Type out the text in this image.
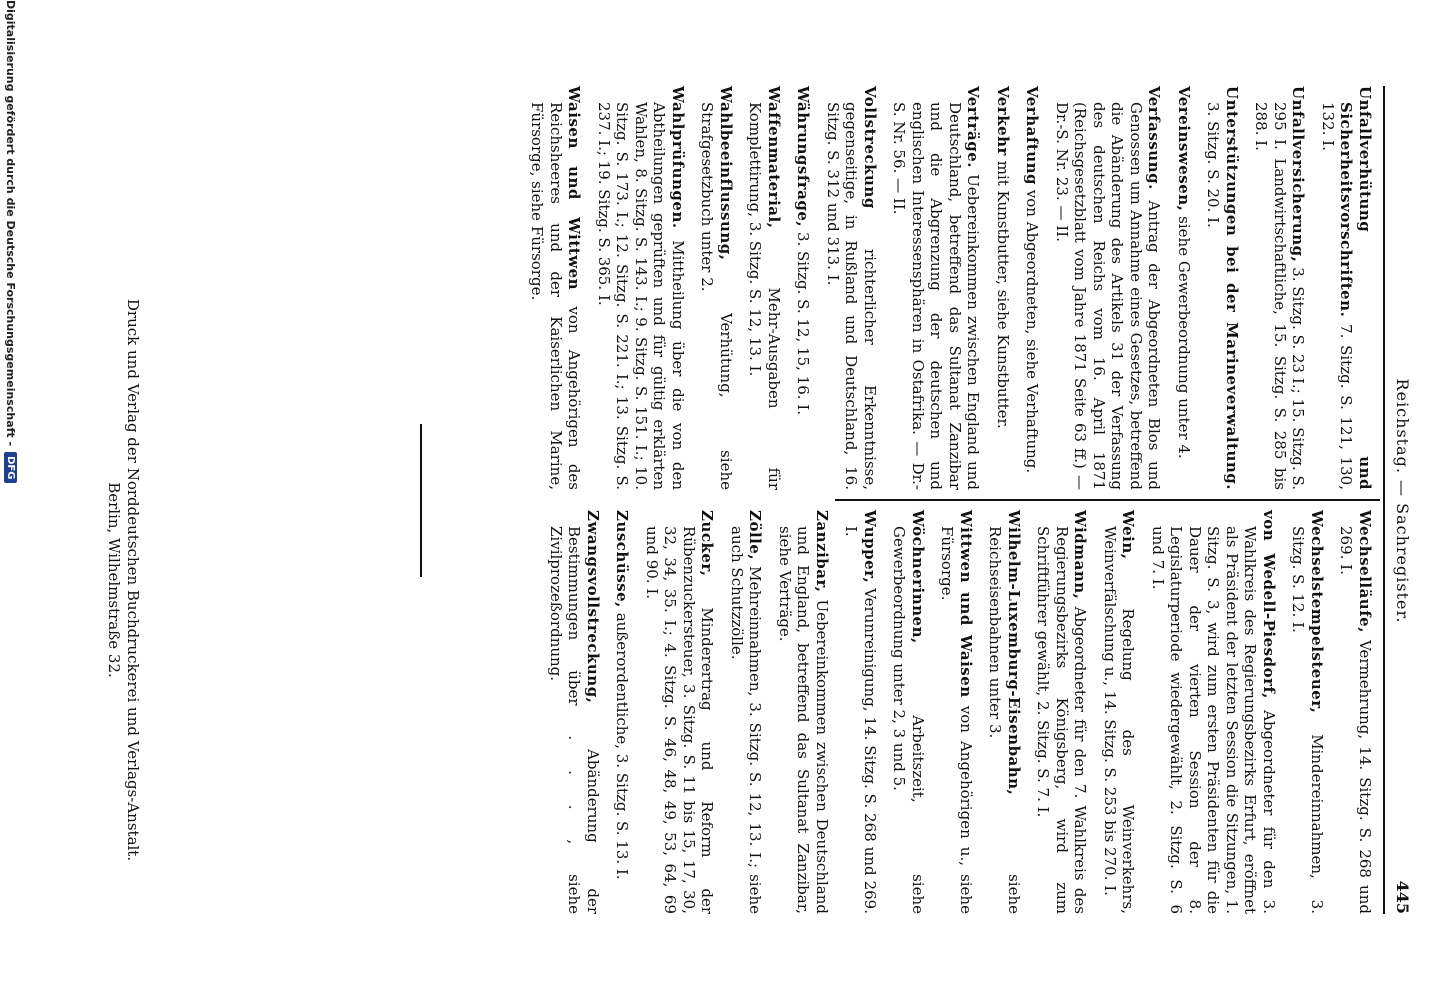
Reichstag. — Sachregister.
445

Unfallverhütung und Sicherheitsvorschriften. 7. Sitzg. S. 121, 130, 132. I.

Unfallversicherung, 3. Sitzg. S. 23 I.; 15. Sitzg. S. 295 I. Landwirtschaftliche, 15. Sitzg. S. 285 bis 288. I.

Unterstützungen bei der Marineverwaltung. 3. Sitzg. S. 20. I.

Vereinswesen, siehe Gewerbeordnung unter 4.

Verfassung. Antrag der Abgeordneten Blos und Genossen um Annahme eines Gesetzes, betreffend die Abänderung des Artikels 31 der Verfassung des deutschen Reichs vom 16. April 1871 (Reichsgesetzblatt vom Jahre 1871 Seite 63 ff.) — Dr.-S. Nr. 23. — II.

Verhaftung von Abgeordneten, siehe Verhaftung.

Verkehr mit Kunstbutter, siehe Kunstbutter.

Verträge. Uebereinkommen zwischen England und Deutschland, betreffend das Sultanat Zanzibar und die Abgrenzung der deutschen und englischen Interessensphären in Ostafrika. — Dr.-S. Nr. 56. — II.

Vollstreckung richterlicher Erkenntnisse, gegenseitige, in Rußland und Deutschland, 16. Sitzg. S. 312 und 313. I.

Währungsfrage, 3. Sitzg. S. 12, 15, 16. I.

Waffenmaterial, Mehr-Ausgaben für Komplettirung, 3. Sitzg. S. 12, 13. I.

Wahlbeeinflussung, Verhütung, siehe Strafgesetzbuch unter 2.

Wahlprüfungen. Mittheilung über die von den Abtheilungen geprüften und für gültig erklärten Wahlen, 8. Sitzg. S. 143. I.; 9. Sitzg. S. 151. I.; 10. Sitzg. S. 173. I.; 12. Sitzg. S. 221. I.; 13. Sitzg. S. 237. I.; 19. Sitzg. S. 365. I.

Waisen und Wittwen von Angehörigen des Reichsheeres und der Kaiserlichen Marine, Fürsorge, siehe Fürsorge.

Wechselläufe, Vermehrung, 14. Sitzg. S. 268 und 269. I.

Wechselstempelsteuer, Mindereinnahmen, 3. Sitzg. S. 12. I.

von Wedell-Piesdorf, Abgeordneter für den 3. Wahlkreis des Regierungsbezirks Erfurt, eröffnet als Präsident der letzten Session die Sitzungen, 1. Sitzg. S. 3, wird zum ersten Präsidenten für die Dauer der vierten Session der 8. Legislaturperiode wiedergewählt, 2. Sitzg. S. 6 und 7. I.

Wein, Regelung des Weinverkehrs, Weinverfälschung u., 14. Sitzg. S. 253 bis 270. I.

Widmann, Abgeordneter für den 7. Wahlkreis des Regierungsbezirks Königsberg, wird zum Schriftführer gewählt, 2. Sitzg. S. 7. I.

Wilhelm-Luxemburg-Eisenbahn, siehe Reichseisenbahnen unter 3.

Wittwen und Waisen von Angehörigen u., siehe Fürsorge.

Wöchnerinnen, Arbeitszeit, siehe Gewerbeordnung unter 2, 3 und 5.

Wupper, Verunreinigung, 14. Sitzg. S. 268 und 269. I.

Zanzibar, Uebereinkommen zwischen Deutschland und England, betreffend das Sultanat Zanzibar, siehe Verträge.

Zölle, Mehreinnahmen, 3. Sitzg. S. 12, 13. I.; siehe auch Schutzzölle.

Zucker, Minderertrag und Reform der Rübenzuckersteuer, 3. Sitzg. S. 11 bis 15, 17, 30, 32, 34, 35. I.; 4. Sitzg. S. 46, 48, 49, 53, 64, 69 und 90. I.

Zuschüsse, außerordentliche, 3. Sitzg. S. 13. I.

Zwangsvollstreckung, Abänderung der Bestimmungen über . . . , siehe Zivilprozeßordnung.

Druck und Verlag der Norddeutschen Buchdruckerei und Verlags-Anstalt.
Berlin, Wilhelmstraße 32.
Digitalisierung gefördert durch die Deutsche Forschungsgemeinschaft -
DFG
